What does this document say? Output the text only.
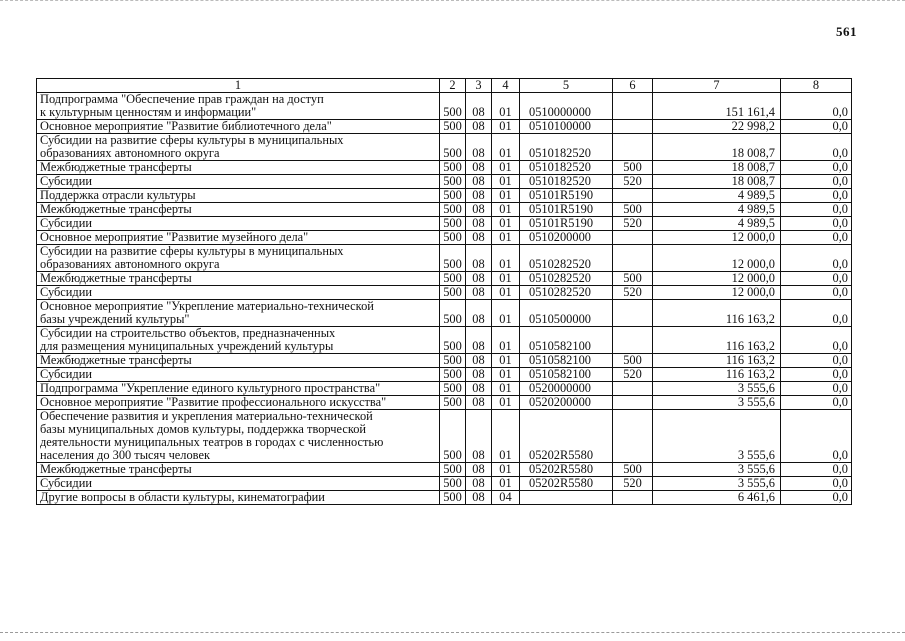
561
1	2	3	4	5	6	7	8

Подпрограмма "Обеспечение прав граждан на доступ
к культурным ценностям и информации"	500	08	01	0510000000		151 161,4	0,0

Основное мероприятие "Развитие библиотечного дела"	500	08	01	0510100000		22 998,2	0,0

Субсидии на развитие сферы культуры в муниципальных
образованиях автономного округа	500	08	01	0510182520		18 008,7	0,0

Межбюджетные трансферты	500	08	01	0510182520	500	18 008,7	0,0

Субсидии	500	08	01	0510182520	520	18 008,7	0,0

Поддержка отрасли культуры	500	08	01	05101R5190		4 989,5	0,0

Межбюджетные трансферты	500	08	01	05101R5190	500	4 989,5	0,0

Субсидии	500	08	01	05101R5190	520	4 989,5	0,0

Основное мероприятие "Развитие музейного дела"	500	08	01	0510200000		12 000,0	0,0

Субсидии на развитие сферы культуры в муниципальных
образованиях автономного округа	500	08	01	0510282520		12 000,0	0,0

Межбюджетные трансферты	500	08	01	0510282520	500	12 000,0	0,0

Субсидии	500	08	01	0510282520	520	12 000,0	0,0

Основное мероприятие "Укрепление материально-технической
базы учреждений культуры"	500	08	01	0510500000		116 163,2	0,0

Субсидии на строительство объектов, предназначенных
для размещения муниципальных учреждений культуры	500	08	01	0510582100		116 163,2	0,0

Межбюджетные трансферты	500	08	01	0510582100	500	116 163,2	0,0

Субсидии	500	08	01	0510582100	520	116 163,2	0,0

Подпрограмма "Укрепление единого культурного пространства"	500	08	01	0520000000		3 555,6	0,0

Основное мероприятие "Развитие профессионального искусства"	500	08	01	0520200000		3 555,6	0,0

Обеспечение развития и укрепления материально-технической
базы муниципальных домов культуры, поддержка творческой
деятельности муниципальных театров в городах с численностью
населения до 300 тысяч человек	500	08	01	05202R5580		3 555,6	0,0

Межбюджетные трансферты	500	08	01	05202R5580	500	3 555,6	0,0

Субсидии	500	08	01	05202R5580	520	3 555,6	0,0

Другие вопросы в области культуры, кинематографии	500	08	04			6 461,6	0,0
